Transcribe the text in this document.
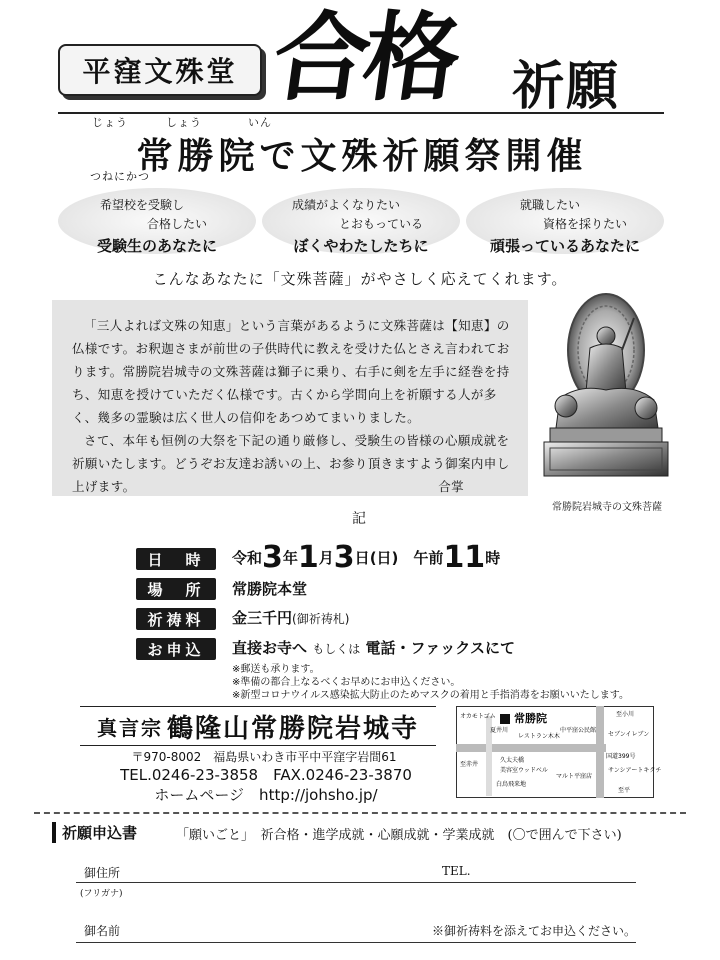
平窪文殊堂 合格 祈願
じょう	しょう	いん
常勝院で文殊祈願祭開催
つねにかつ
希望校を受験し
合格したい
受験生のあなたに
成績がよくなりたい
とおもっている
ぼくやわたしたちに
就職したい
資格を採りたい
頑張っているあなたに
こんなあなたに「文殊菩薩」がやさしく応えてくれます。

「三人よれば文殊の知恵」という言葉があるように文殊菩薩は【知恵】の仏様です。お釈迦さまが前世の子供時代に教えを受けた仏とさえ言われております。常勝院岩城寺の文殊菩薩は獅子に乗り、右手に剣を左手に経巻を持ち、知恵を授けていただく仏様です。古くから学問向上を祈願する人が多く、幾多の霊験は広く世人の信仰をあつめてまいりました。

さて、本年も恒例の大祭を下記の通り厳修し、受験生の皆様の心願成就を祈願いたします。どうぞお友達お誘いの上、お参り頂きますよう御案内申し上げます。	合掌
常勝院岩城寺の文殊菩薩
記
日　時	令和3年1月3日(日)　 午前11時
場　所	常勝院本堂
祈祷料	金三千円(御祈祷札)
お申込	直接お寺へ もしくは 電話・ファックスにて
※郵送も承ります。
※準備の都合上なるべくお早めにお申込ください。
※新型コロナウイルス感染拡大防止のためマスクの着用と手指消毒をお願いいたします。
真言宗 鶴隆山常勝院岩城寺
〒970-8002　福島県いわき市平中平窪字岩間61
TEL.0246-23-3858　FAX.0246-23-3870
ホームページ　http://johsho.jp/
常勝院
オカモトゴム
夏井川
至小川
中平窪公民館
レストラン木木	セブンイレブン
久太夫橋
美容室ウッドベル
至赤井
白鳥飛来地
マルト平窪店
国道399号
サンシアートキクチ
至平
祈願申込書	「願いごと」　祈合格・進学成就・心願成就・学業成就　(〇で囲んで下さい)
御住所	TEL.
(フリガナ)
御名前	※御祈祷料を添えてお申込ください。
